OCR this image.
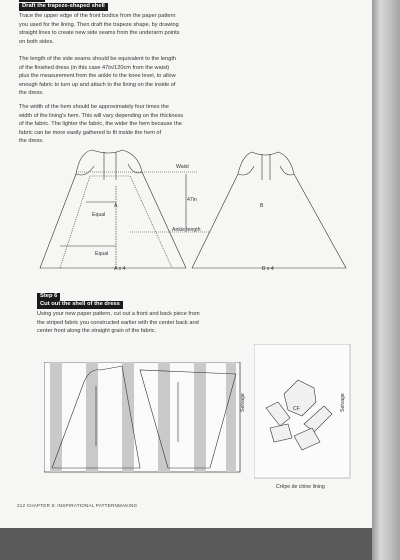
Draft the trapeze-shaped shell
Trace the upper edge of the front bodice from the paper pattern
you used for the lining. Then draft the trapeze shape, by drawing
straight lines to create new side seams from the underarm points
on both sides.
The length of the side seams should be equivalent to the length
of the finished dress (in this case 47in/120cm from the waist)
plus the measurement from the ankle to the knee level, to allow
enough fabric to turn up and attach to the lining on the inside of
the dress.
The width of the hem should be approximately four times the
width of the lining's hem. This will vary depending on the thickness
of the fabric. The lighter the fabric, the wider the hem because the
fabric can be more easily gathered to fit inside the hem of
the dress.
Waist
47in
Ankle length
Equal
Equal
A	B
A x 4	B x 4
Step 6
Cut out the shell of the dress
Using your new paper pattern, cut out a front and back piece from
the striped fabric you constructed earlier with the center back and
center front along the straight grain of the fabric.
CF
Selvage	Selvage
Crêpe de chine lining
212 CHAPTER 6: INSPIRATIONAL PATTERNMAKING
